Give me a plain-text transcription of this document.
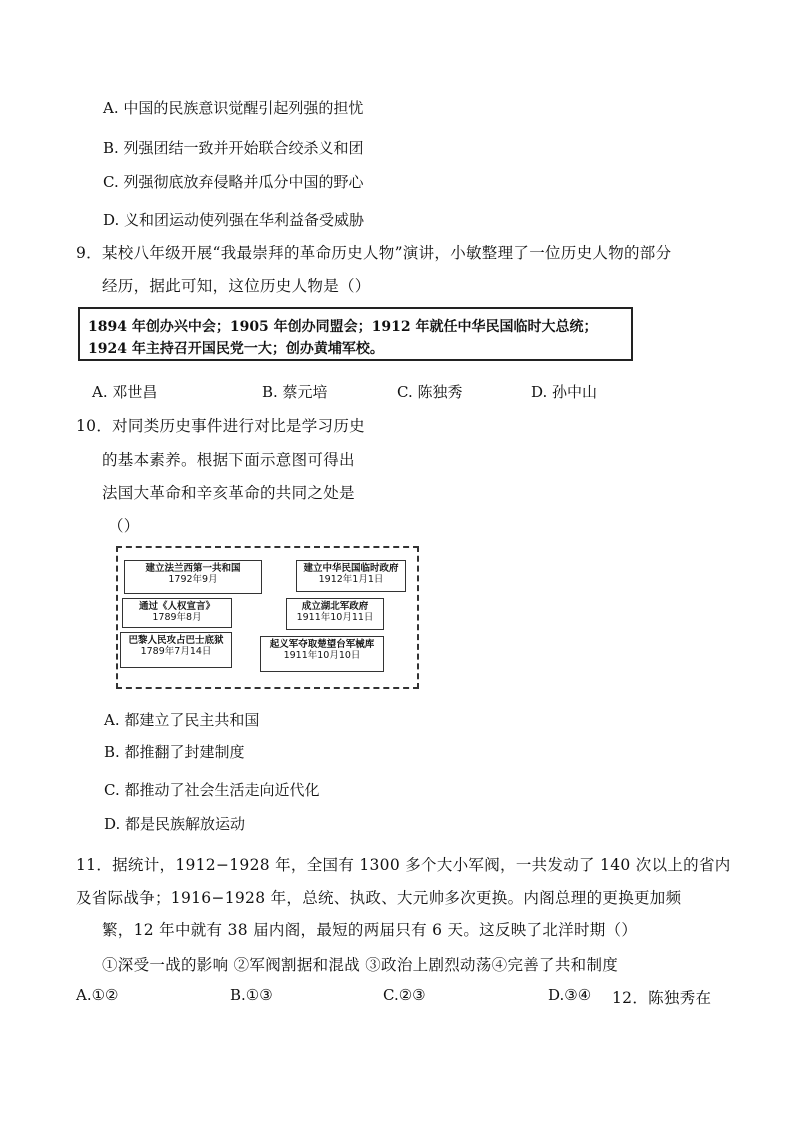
A. 中国的民族意识觉醒引起列强的担忧
B. 列强团结一致并开始联合绞杀义和团
C. 列强彻底放弃侵略并瓜分中国的野心
D. 义和团运动使列强在华利益备受威胁
9．某校八年级开展“我最崇拜的革命历史人物”演讲，小敏整理了一位历史人物的部分
经历，据此可知，这位历史人物是（）
1894 年创办兴中会；1905 年创办同盟会；1912 年就任中华民国临时大总统；
1924 年主持召开国民党一大；创办黄埔军校。
A. 邓世昌	B. 蔡元培	C. 陈独秀	D. 孙中山
10．对同类历史事件进行对比是学习历史
的基本素养。根据下面示意图可得出
法国大革命和辛亥革命的共同之处是
（）
建立法兰西第一共和国
1792年9月
通过《人权宣言》
1789年8月
巴黎人民攻占巴士底狱
1789年7月14日
建立中华民国临时政府
1912年1月1日
成立湖北军政府
1911年10月11日
起义军夺取楚望台军械库
1911年10月10日
A. 都建立了民主共和国
B. 都推翻了封建制度
C. 都推动了社会生活走向近代化
D. 都是民族解放运动
11．据统计，1912−1928 年，全国有 1300 多个大小军阀，一共发动了 140 次以上的省内
及省际战争；1916−1928 年，总统、执政、大元帅多次更换。内阁总理的更换更加频
繁，12 年中就有 38 届内阁，最短的两届只有 6 天。这反映了北洋时期（）
①深受一战的影响 ②军阀割据和混战 ③政治上剧烈动荡④完善了共和制度
A.①②	B.①③	C.②③	D.③④ 12．陈独秀在
